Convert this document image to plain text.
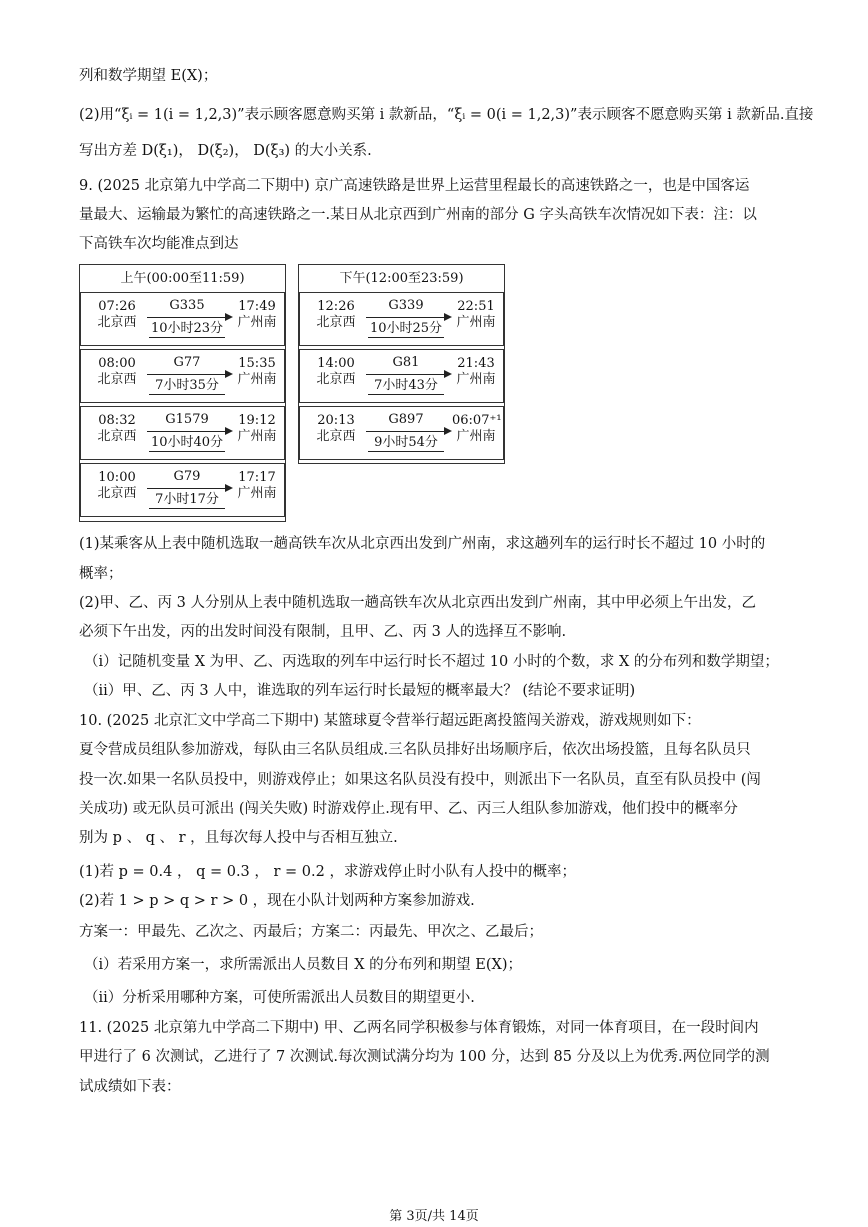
列和数学期望 E(X)；
(2)用“ξᵢ = 1(i = 1,2,3)”表示顾客愿意购买第 i 款新品，“ξᵢ = 0(i = 1,2,3)”表示顾客不愿意购买第 i 款新品.直接
写出方差 D(ξ₁)， D(ξ₂)， D(ξ₃) 的大小关系.
9. (2025 北京第九中学高二下期中) 京广高速铁路是世界上运营里程最长的高速铁路之一，也是中国客运
量最大、运输最为繁忙的高速铁路之一.某日从北京西到广州南的部分 G 字头高铁车次情况如下表：注：以
下高铁车次均能准点到达
上午(00:00至11:59)	下午(12:00至23:59)
07:26
北京西
G335
10小时23分
17:49
广州南
08:00
北京西
G77
7小时35分
15:35
广州南
08:32
北京西
G1579
10小时40分
19:12
广州南
10:00
北京西
G79
7小时17分
17:17
广州南
12:26
北京西
G339
10小时25分
22:51
广州南
14:00
北京西
G81
7小时43分
21:43
广州南
20:13
北京西
G897
9小时54分
06:07⁺¹
广州南
(1)某乘客从上表中随机选取一趟高铁车次从北京西出发到广州南，求这趟列车的运行时长不超过 10 小时的
概率；
(2)甲、乙、丙 3 人分别从上表中随机选取一趟高铁车次从北京西出发到广州南，其中甲必须上午出发，乙
必须下午出发，丙的出发时间没有限制，且甲、乙、丙 3 人的选择互不影响.
（ⅰ）记随机变量 X 为甲、乙、丙选取的列车中运行时长不超过 10 小时的个数，求 X 的分布列和数学期望；
（ⅱ）甲、乙、丙 3 人中，谁选取的列车运行时长最短的概率最大？ (结论不要求证明)
10. (2025 北京汇文中学高二下期中) 某篮球夏令营举行超远距离投篮闯关游戏，游戏规则如下：
夏令营成员组队参加游戏，每队由三名队员组成.三名队员排好出场顺序后，依次出场投篮，且每名队员只
投一次.如果一名队员投中，则游戏停止；如果这名队员没有投中，则派出下一名队员，直至有队员投中 (闯
关成功) 或无队员可派出 (闯关失败) 时游戏停止.现有甲、乙、丙三人组队参加游戏，他们投中的概率分
别为 p 、 q 、 r ，且每次每人投中与否相互独立.
(1)若 p = 0.4 ， q = 0.3 ， r = 0.2 ，求游戏停止时小队有人投中的概率；
(2)若 1 > p > q > r > 0 ，现在小队计划两种方案参加游戏.
方案一：甲最先、乙次之、丙最后；方案二：丙最先、甲次之、乙最后；
（ⅰ）若采用方案一，求所需派出人员数目 X 的分布列和期望 E(X)；
（ⅱ）分析采用哪种方案，可使所需派出人员数目的期望更小.
11. (2025 北京第九中学高二下期中) 甲、乙两名同学积极参与体育锻炼，对同一体育项目，在一段时间内
甲进行了 6 次测试，乙进行了 7 次测试.每次测试满分均为 100 分，达到 85 分及以上为优秀.两位同学的测
试成绩如下表：
第 3页/共 14页
